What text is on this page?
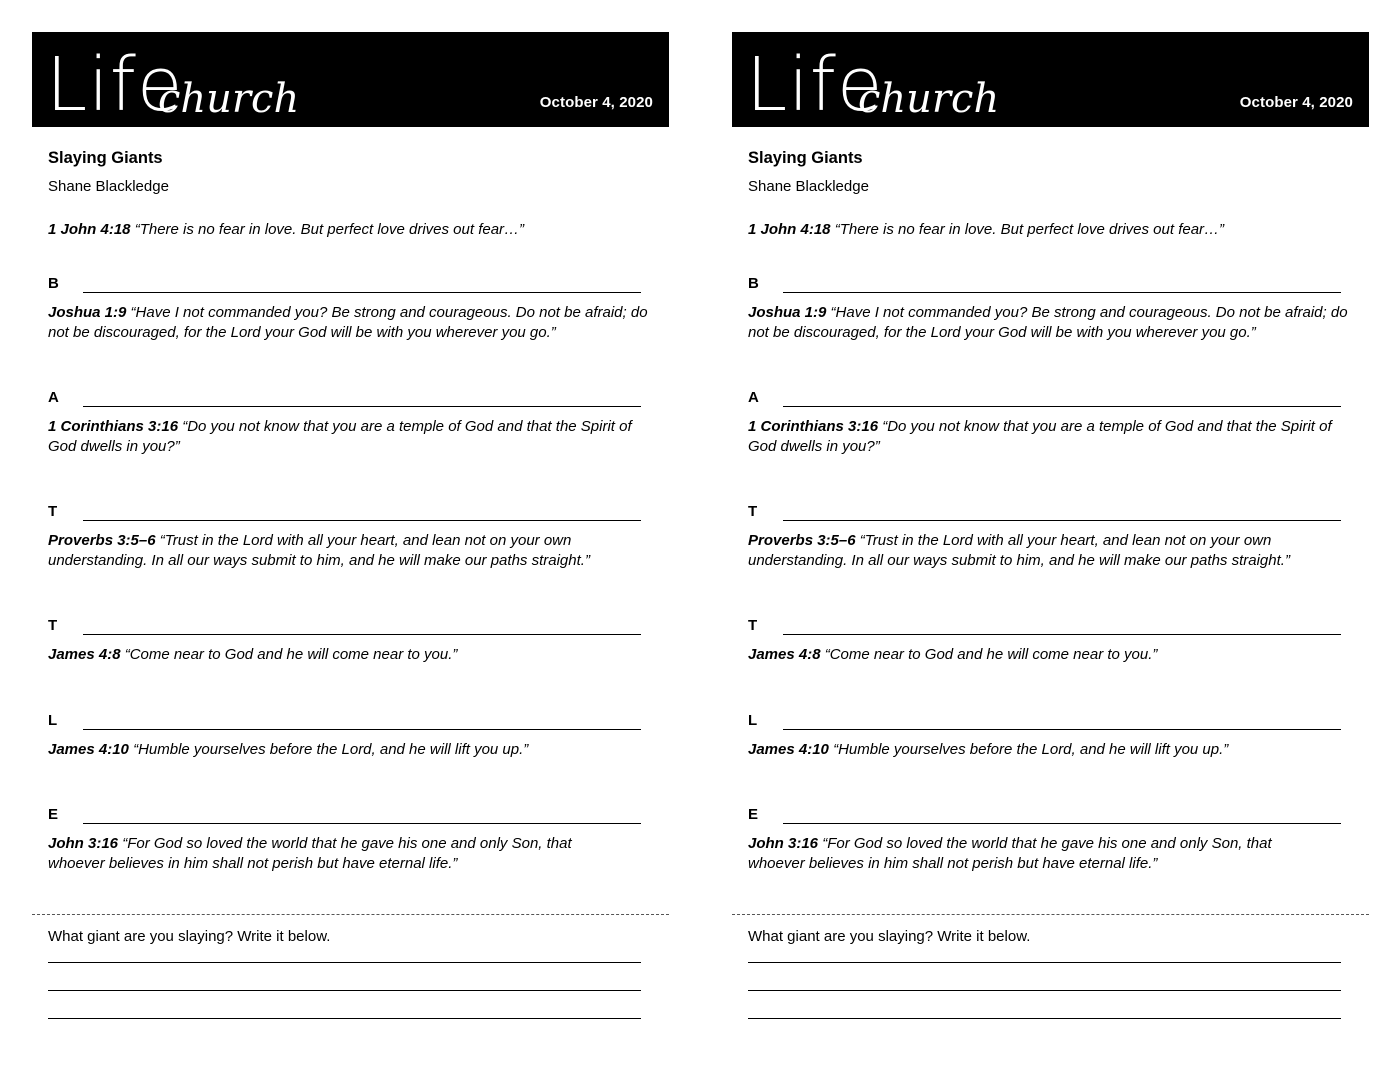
Life
church	October 4, 2020
Slaying Giants
Shane Blackledge
1 John 4:18 “There is no fear in love. But perfect love drives out fear…”
B
Joshua 1:9 “Have I not commanded you? Be strong and courageous. Do not be afraid; do not be discouraged, for the Lord your God will be with you wherever you go.”
A
1 Corinthians 3:16 “Do you not know that you are a temple of God and that the Spirit of God dwells in you?”
T
Proverbs 3:5–6 “Trust in the Lord with all your heart, and lean not on your own understanding. In all our ways submit to him, and he will make our paths straight.”
T
James 4:8 “Come near to God and he will come near to you.”
L
James 4:10 “Humble yourselves before the Lord, and he will lift you up.”
E
John 3:16 “For God so loved the world that he gave his one and only Son, that whoever believes in him shall not perish but have eternal life.”
What giant are you slaying? Write it below.
Life
church	October 4, 2020
Slaying Giants
Shane Blackledge
1 John 4:18 “There is no fear in love. But perfect love drives out fear…”
B
Joshua 1:9 “Have I not commanded you? Be strong and courageous. Do not be afraid; do not be discouraged, for the Lord your God will be with you wherever you go.”
A
1 Corinthians 3:16 “Do you not know that you are a temple of God and that the Spirit of God dwells in you?”
T
Proverbs 3:5–6 “Trust in the Lord with all your heart, and lean not on your own understanding. In all our ways submit to him, and he will make our paths straight.”
T
James 4:8 “Come near to God and he will come near to you.”
L
James 4:10 “Humble yourselves before the Lord, and he will lift you up.”
E
John 3:16 “For God so loved the world that he gave his one and only Son, that whoever believes in him shall not perish but have eternal life.”
What giant are you slaying? Write it below.
